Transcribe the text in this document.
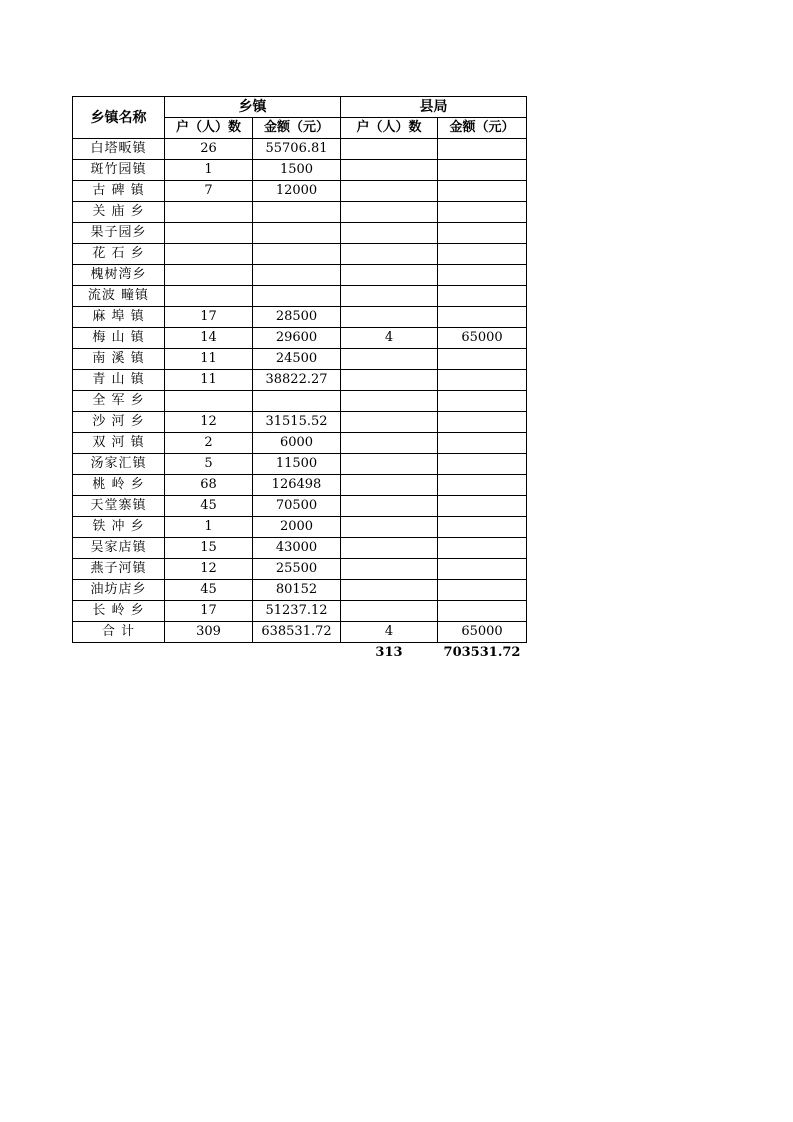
乡镇名称	乡镇		县局	
	户（人）数	金额（元）	户（人）数	金额（元）
白塔畈镇	26	55706.81		
斑竹园镇	1	1500		
古 碑 镇	7	12000		
关 庙 乡				
果子园乡				
花 石 乡				
槐树湾乡				
流波 疃镇				
麻 埠 镇	17	28500		
梅 山 镇	14	29600	4	65000
南 溪 镇	11	24500		
青 山 镇	11	38822.27		
全 军 乡				
沙 河 乡	12	31515.52		
双 河 镇	2	6000		
汤家汇镇	5	11500		
桃 岭 乡	68	126498		
天堂寨镇	45	70500		
铁 冲 乡	1	2000		
吴家店镇	15	43000		
燕子河镇	12	25500		
油坊店乡	45	80152		
长 岭 乡	17	51237.12		
合 计	309	638531.72	4	65000
			313	703531.72
